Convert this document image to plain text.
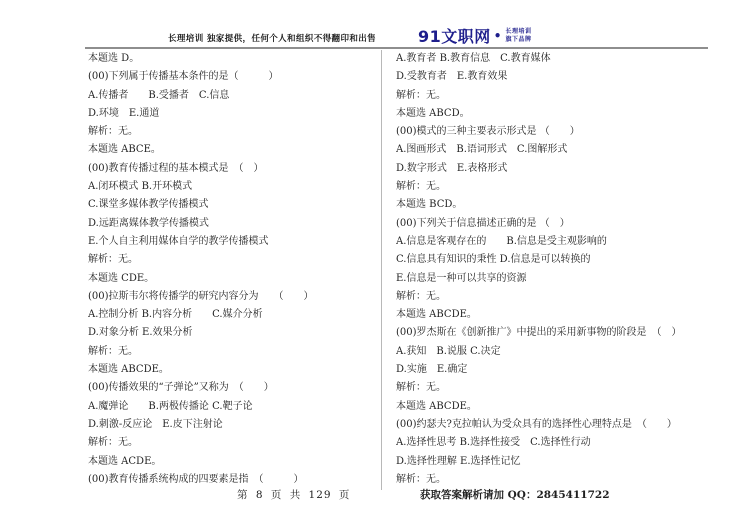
长理培训 独家提供，任何个人和组织不得翻印和出售	91文职网 • 长理培训
旗下品牌
本题选 D。
(00)下列属于传播基本条件的是（　　　）
A.传播者　　B.受播者　C.信息
D.环境　E.通道
解析：无。
本题选 ABCE。
(00)教育传播过程的基本模式是　（　）
A.闭环模式 B.开环模式
C.课堂多媒体教学传播模式
D.远距离媒体教学传播模式
E.个人自主利用媒体自学的教学传播模式
解析：无。
本题选 CDE。
(00)拉斯韦尔将传播学的研究内容分为　　（　　）
A.控制分析 B.内容分析　　C.媒介分析
D.对象分析 E.效果分析
解析：无。
本题选 ABCDE。
(00)传播效果的“子弹论”又称为　（　　）
A.魔弹论　　B.两极传播论 C.靶子论
D.刺激-反应论　E.皮下注射论
解析：无。
本题选 ACDE。
(00)教育传播系统构成的四要素是指　（　　　）
A.教育者 B.教育信息　C.教育媒体
D.受教育者　E.教育效果
解析：无。
本题选 ABCD。
(00)模式的三种主要表示形式是 （　　）
A.图画形式　B.语词形式　C.图解形式
D.数字形式　E.表格形式
解析：无。
本题选 BCD。
(00)下列关于信息描述正确的是 （　）
A.信息是客观存在的　　B.信息是受主观影响的
C.信息具有知识的秉性 D.信息是可以转换的
E.信息是一种可以共享的资源
解析：无。
本题选 ABCDE。
(00)罗杰斯在《创新推广》中提出的采用新事物的阶段是　（　）
A.获知　B.说服 C.决定
D.实施　E.确定
解析：无。
本题选 ABCDE。
(00)约瑟夫?克拉帕认为受众具有的选择性心理特点是　（　　）
A.选择性思考 B.选择性接受　C.选择性行动
D.选择性理解 E.选择性记忆
解析：无。
第 8 页 共 129 页	获取答案解析请加 QQ：2845411722
